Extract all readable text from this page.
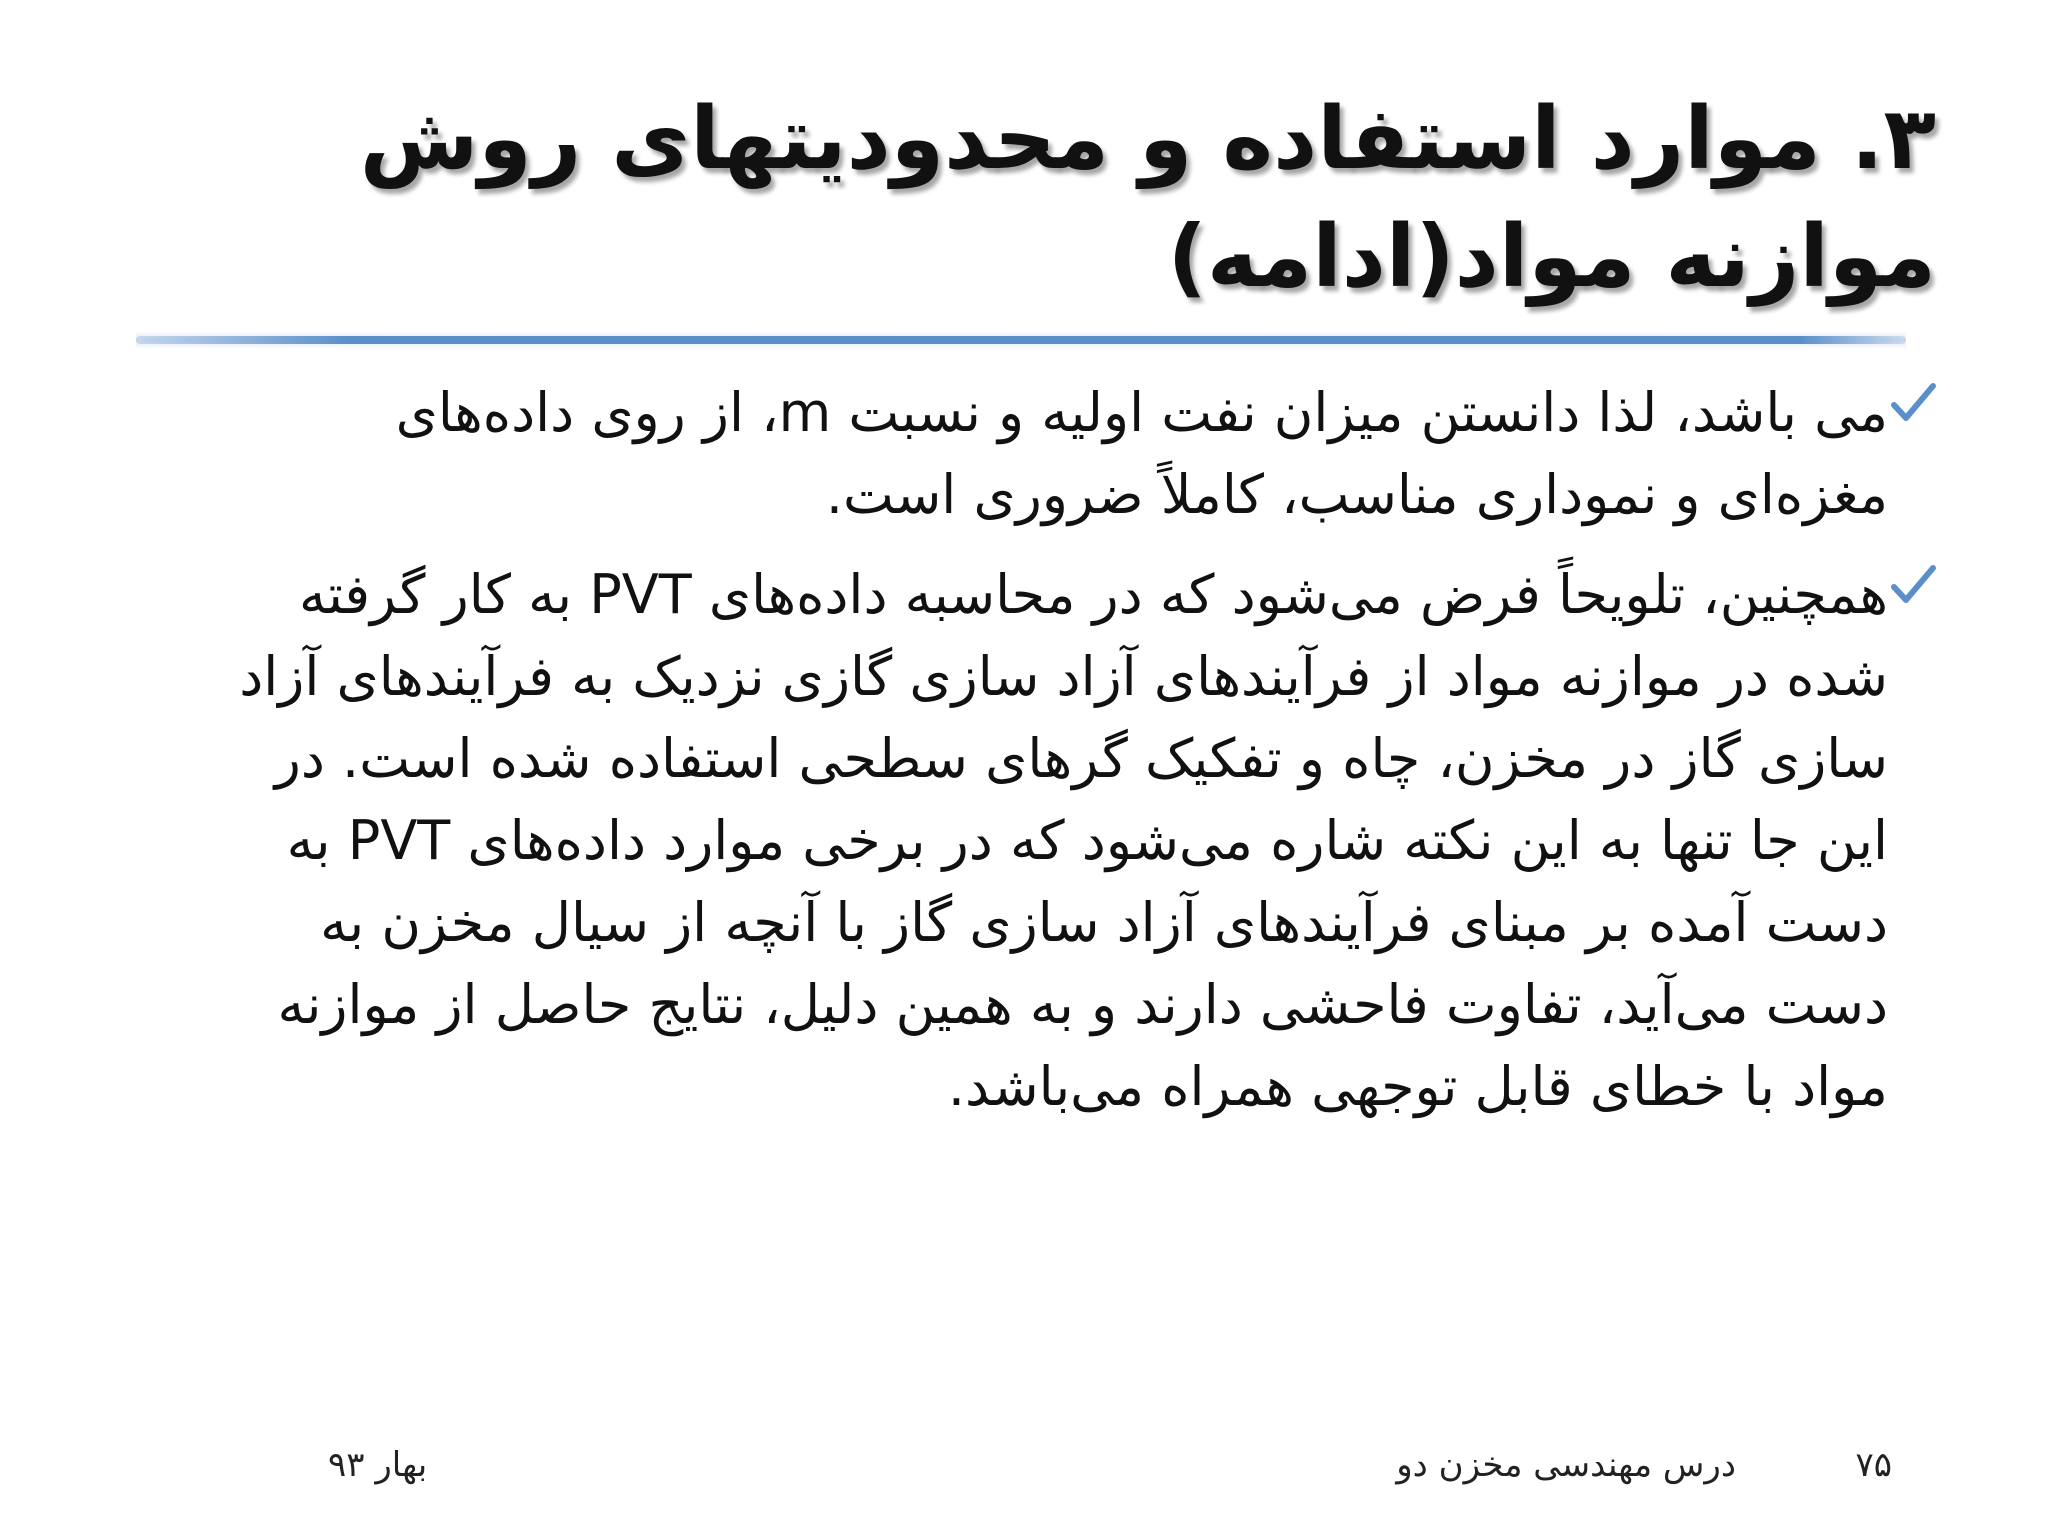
۳. موارد استفاده و محدودیتهای روش
موازنه مواد(ادامه)
می باشد، لذا دانستن میزان نفت اولیه و نسبت m، از روی داده‌های مغزه‌ای و نموداری مناسب، کاملاً ضروری است.
همچنین، تلویحاً فرض می‌شود که در محاسبه داده‌های PVT به کار گرفته شده در موازنه مواد از فرآیندهای آزاد سازی گازی نزدیک به فرآیندهای آزاد سازی گاز در مخزن، چاه و تفکیک گرهای سطحی استفاده شده است. در این جا تنها به این نکته شاره می‌شود که در برخی موارد داده‌های PVT به دست آمده بر مبنای فرآیندهای آزاد سازی گاز با آنچه از سیال مخزن به دست می‌آید، تفاوت فاحشی دارند و به همین دلیل، نتایج حاصل از موازنه مواد با خطای قابل توجهی همراه می‌باشد.
۷۵
درس مهندسی مخزن دو
بهار ۹۳
